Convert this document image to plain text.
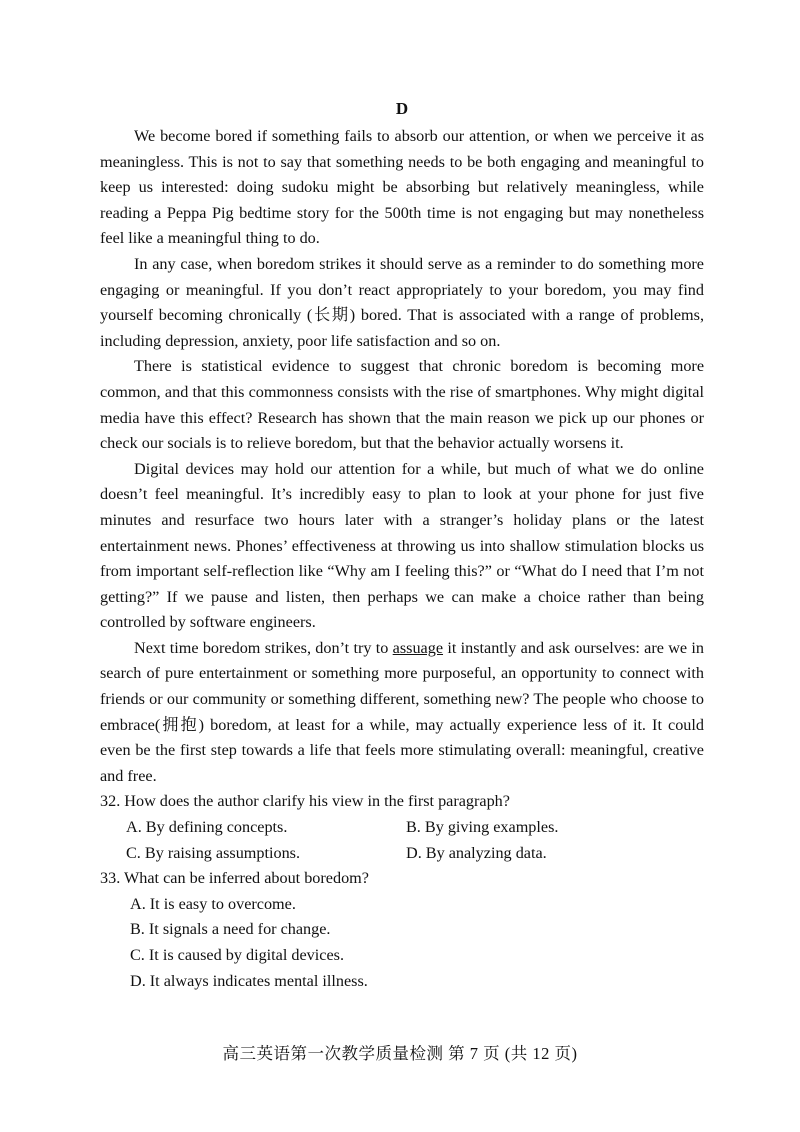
D

We become bored if something fails to absorb our attention, or when we perceive it as meaningless. This is not to say that something needs to be both engaging and meaningful to keep us interested: doing sudoku might be absorbing but relatively meaningless, while reading a Peppa Pig bedtime story for the 500th time is not engaging but may nonetheless feel like a meaningful thing to do.

In any case, when boredom strikes it should serve as a reminder to do something more engaging or meaningful. If you don’t react appropriately to your boredom, you may find yourself becoming chronically (长期) bored. That is associated with a range of problems, including depression, anxiety, poor life satisfaction and so on.

There is statistical evidence to suggest that chronic boredom is becoming more common, and that this commonness consists with the rise of smartphones. Why might digital media have this effect? Research has shown that the main reason we pick up our phones or check our socials is to relieve boredom, but that the behavior actually worsens it.

Digital devices may hold our attention for a while, but much of what we do online doesn’t feel meaningful. It’s incredibly easy to plan to look at your phone for just five minutes and resurface two hours later with a stranger’s holiday plans or the latest entertainment news. Phones’ effectiveness at throwing us into shallow stimulation blocks us from important self-reflection like “Why am I feeling this?” or “What do I need that I’m not getting?” If we pause and listen, then perhaps we can make a choice rather than being controlled by software engineers.

Next time boredom strikes, don’t try to assuage it instantly and ask ourselves: are we in search of pure entertainment or something more purposeful, an opportunity to connect with friends or our community or something different, something new? The people who choose to embrace(拥抱) boredom, at least for a while, may actually experience less of it. It could even be the first step towards a life that feels more stimulating overall: meaningful, creative and free.

32. How does the author clarify his view in the first paragraph?

A. By defining concepts.	B. By giving examples.
C. By raising assumptions.	D. By analyzing data.

33. What can be inferred about boredom?

A. It is easy to overcome.

B. It signals a need for change.

C. It is caused by digital devices.

D. It always indicates mental illness.

高三英语第一次教学质量检测 第 7 页 (共 12 页)
